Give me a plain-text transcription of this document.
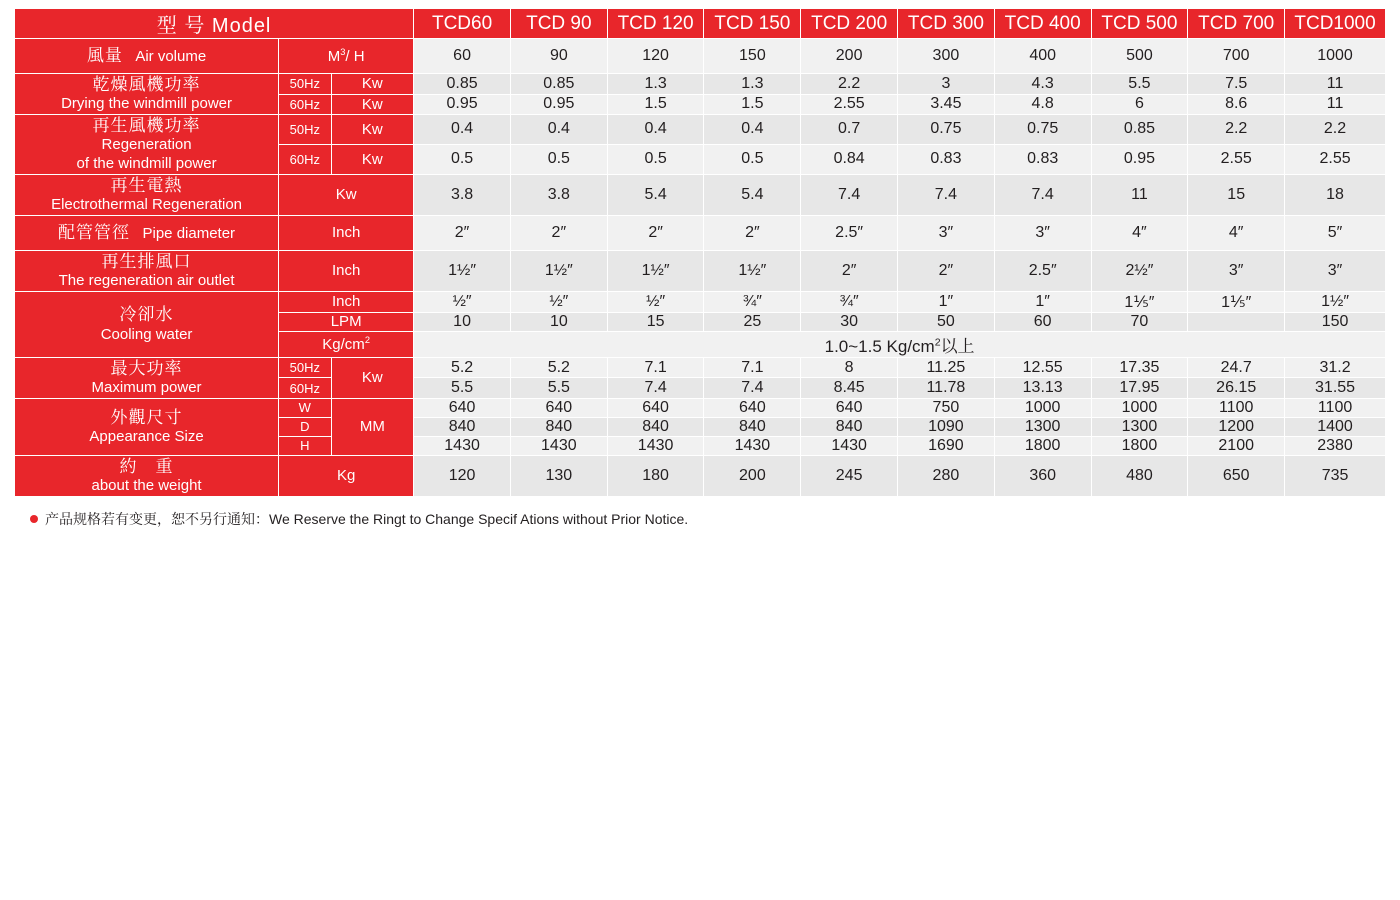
型 号 Model			TCD60	TCD 90	TCD 120	TCD 150	TCD 200	TCD 300	TCD 400	TCD 500	TCD 700	TCD1000
風量 Air volume	$M^3/$ H		60	90	120	150	200	300	400	500	700	1000

乾燥風機功率
Drying the windmill power	50Hz	Kw	0.85	0.85	1.3	1.3	2.2	3	4.3	5.5	7.5	11
	60Hz	Kw	0.95	0.95	1.5	1.5	2.55	3.45	4.8	6	8.6	11

再生風機功率
Regeneration
of the windmill power	50Hz	Kw	0.4	0.4	0.4	0.4	0.7	0.75	0.75	0.85	2.2	2.2
	60Hz	Kw	0.5	0.5	0.5	0.5	0.84	0.83	0.83	0.95	2.55	2.55

再生電熱
Electrothermal Regeneration	Kw		3.8	3.8	5.4	5.4	7.4	7.4	7.4	11	15	18
配管管徑 Pipe diameter	Inch		2″	2″	2″	2″	2.5″	3″	3″	4″	4″	5″

再生排風口
The regeneration air outlet	Inch		1½″	1½″	1½″	1½″	2″	2″	2.5″	2½″	3″	3″

冷卻水
Cooling water	Inch		½″	½″	½″	¾″	¾″	1″	1″	1⅕″	1⅕″	1½″
	LPM		10	10	15	25	30	50	60	70		150
	$Kg/cm^2$		1.0~1.5 $Kg/cm^2$以上									

最大功率
Maximum power	50Hz	Kw	5.2	5.2	7.1	7.1	8	11.25	12.55	17.35	24.7	31.2
	60Hz		5.5	5.5	7.4	7.4	8.45	11.78	13.13	17.95	26.15	31.55

外觀尺寸
Appearance Size	W	MM	640	640	640	640	640	750	1000	1000	1100	1100
	D		840	840	840	840	840	1090	1300	1300	1200	1400
	H		1430	1430	1430	1430	1430	1690	1800	1800	2100	2380

約　重
about the weight	Kg		120	130	180	200	245	280	360	480	650	735
产品规格若有变更，恕不另行通知：We Reserve the Ringt to Change Specif Ations without Prior Notice.
